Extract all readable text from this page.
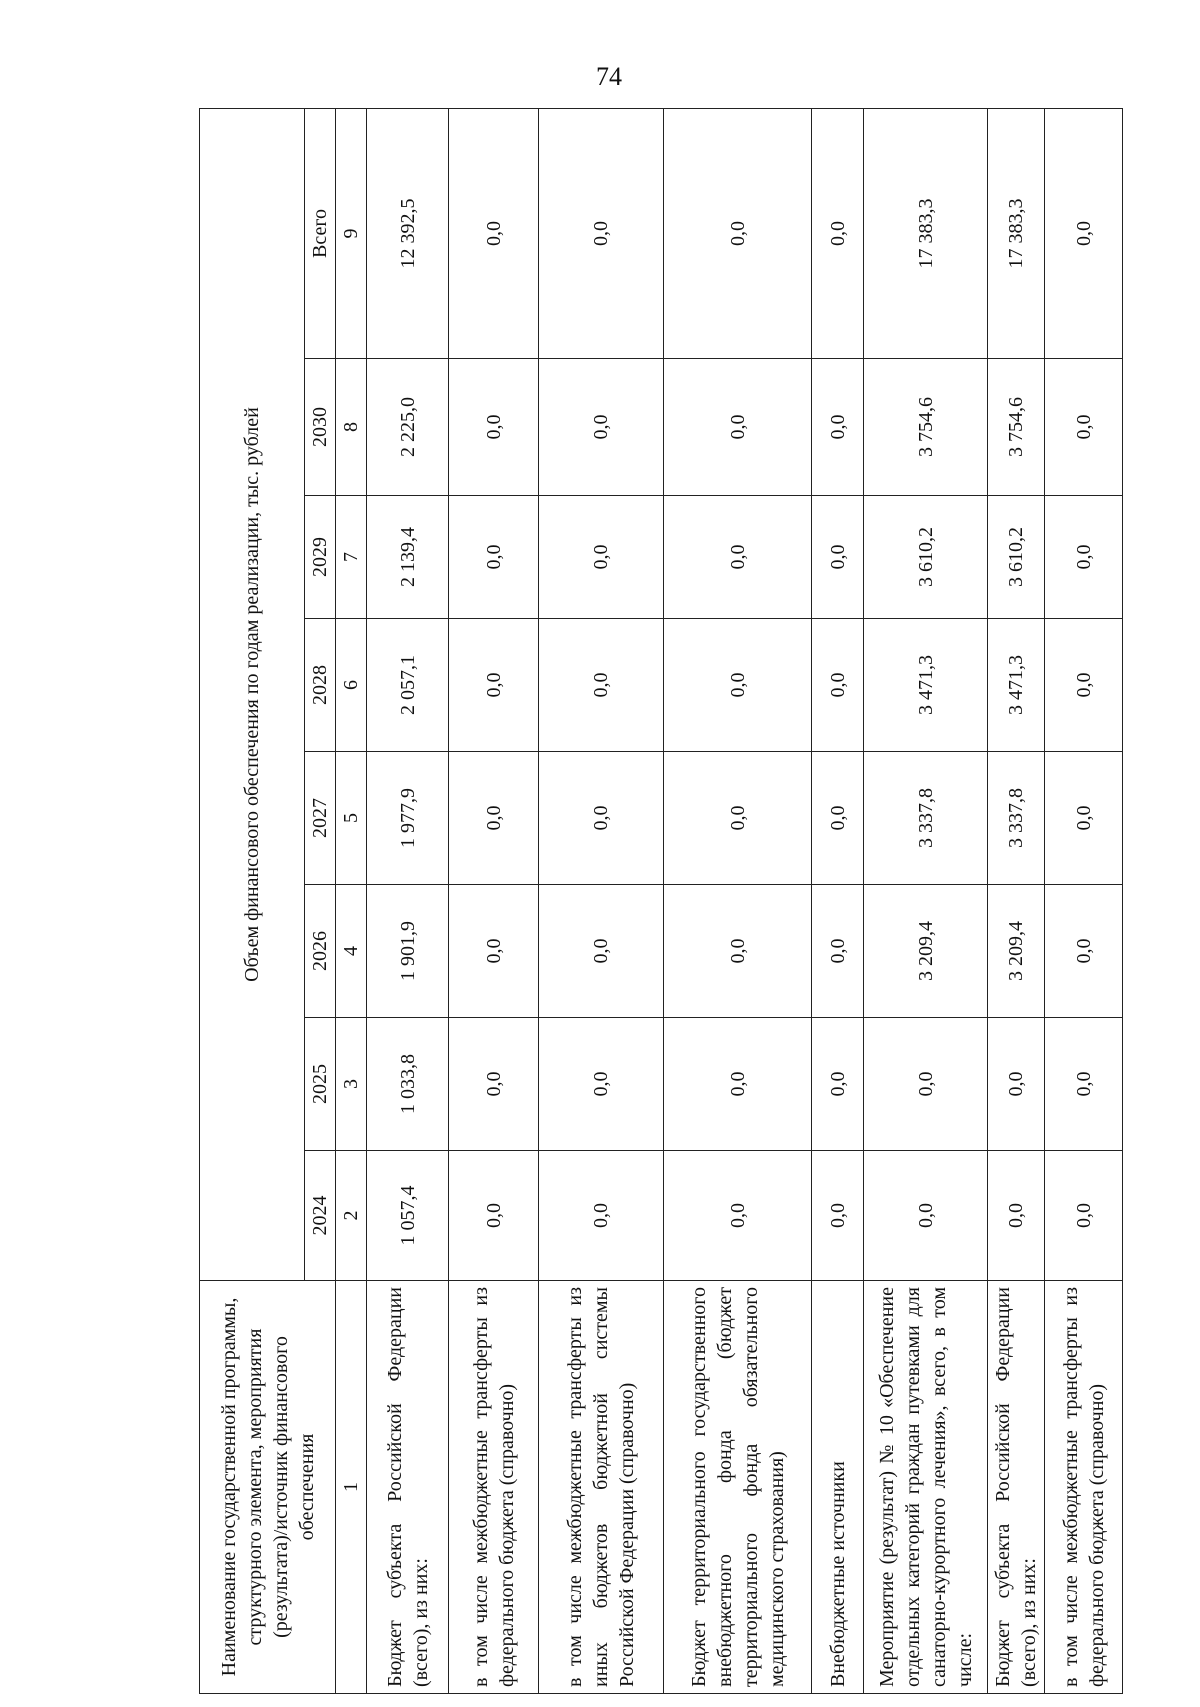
74
Наименование государственной программы, структурного элемента, мероприятия (результата)/источник финансового обеспечения	Объем финансового обеспечения по годам реализации, тыс. рублей							
	2024	2025	2026	2027	2028	2029	2030	Всего
1	2	3	4	5	6	7	8	9
Бюджет субъекта Российской Федерации (всего), из них:	1 057,4	1 033,8	1 901,9	1 977,9	2 057,1	2 139,4	2 225,0	12 392,5
в том числе межбюджетные трансферты из федерального бюджета (справочно)	0,0	0,0	0,0	0,0	0,0	0,0	0,0	0,0
в том числе межбюджетные трансферты из иных бюджетов бюджетной системы Российской Федерации (справочно)	0,0	0,0	0,0	0,0	0,0	0,0	0,0	0,0
Бюджет территориального государственного внебюджетного фонда (бюджет территориального фонда обязательного медицинского страхования)	0,0	0,0	0,0	0,0	0,0	0,0	0,0	0,0
Внебюджетные источники	0,0	0,0	0,0	0,0	0,0	0,0	0,0	0,0
Мероприятие (результат) № 10 «Обеспечение отдельных категорий граждан путевками для санаторно-курортного лечения», всего, в том числе:	0,0	0,0	3 209,4	3 337,8	3 471,3	3 610,2	3 754,6	17 383,3
Бюджет субъекта Российской Федерации (всего), из них:	0,0	0,0	3 209,4	3 337,8	3 471,3	3 610,2	3 754,6	17 383,3
в том числе межбюджетные трансферты из федерального бюджета (справочно)	0,0	0,0	0,0	0,0	0,0	0,0	0,0	0,0
